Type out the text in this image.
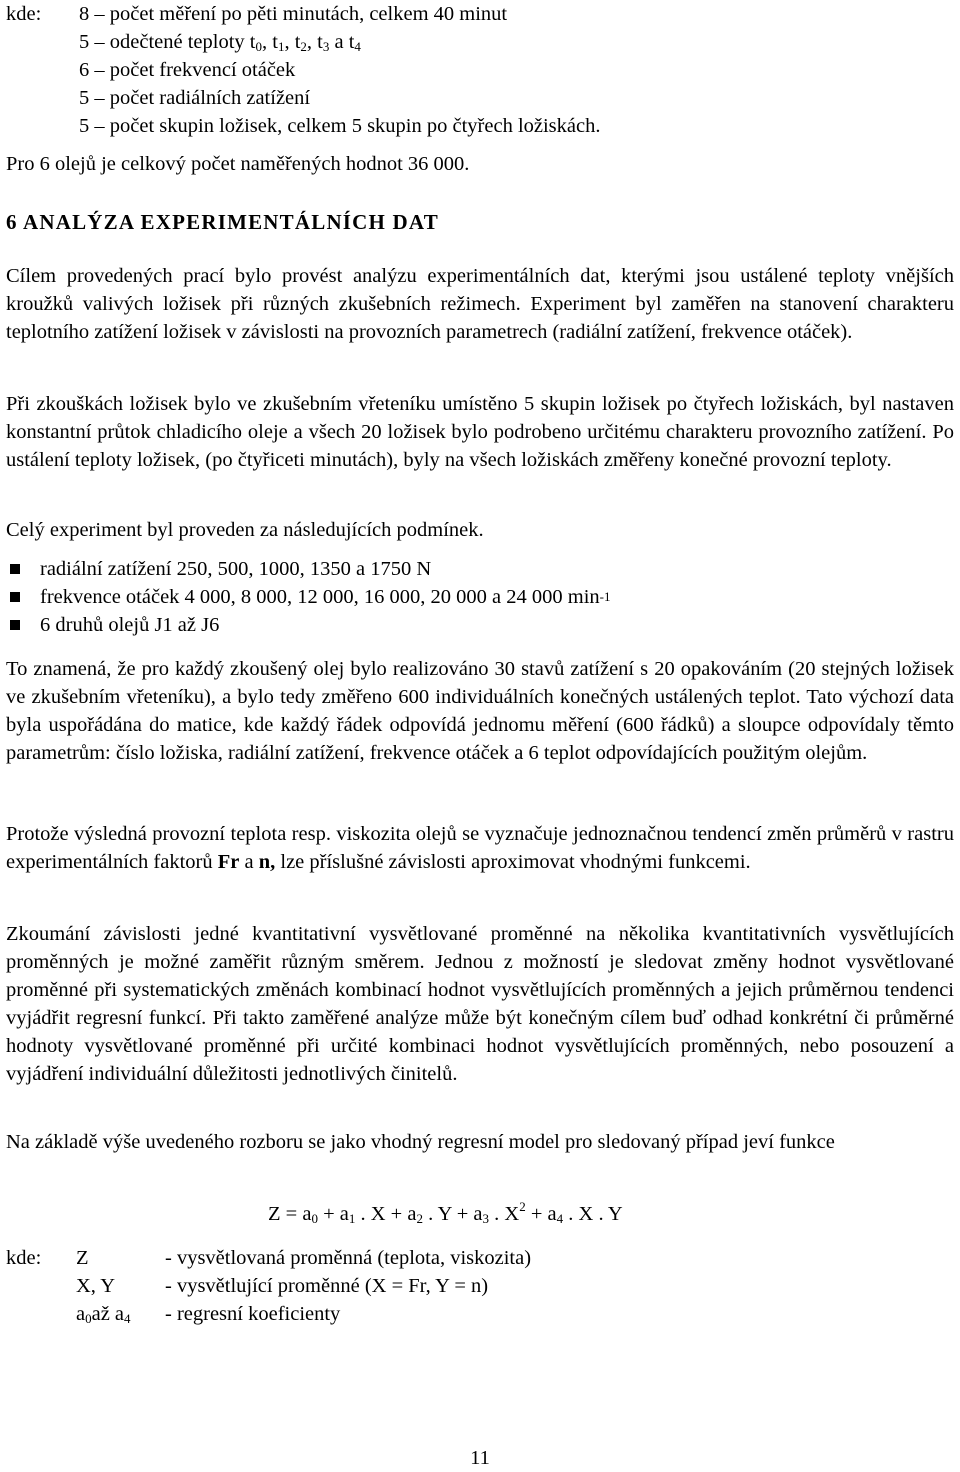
kde: 8 – počet měření po pěti minutách, celkem 40 minut
5 – odečtené teploty $t_0$, $t_1$, $t_2$, $t_3$ a $t_4$
6 – počet frekvencí otáček
5 – počet radiálních zatížení
5 – počet skupin ložisek, celkem 5 skupin po čtyřech ložiskách.
Pro 6 olejů je celkový počet naměřených hodnot 36 000.
6 ANALÝZA EXPERIMENTÁLNÍCH DAT
Cílem provedených prací bylo provést analýzu experimentálních dat, kterými jsou ustálené teploty vnějších kroužků valivých ložisek při různých zkušebních režimech. Experiment byl zaměřen na stanovení charakteru teplotního zatížení ložisek v závislosti na provozních parametrech (radiální zatížení, frekvence otáček).
Při zkouškách ložisek bylo ve zkušebním vřeteníku umístěno 5 skupin ložisek po čtyřech ložiskách, byl nastaven konstantní průtok chladicího oleje a všech 20 ložisek bylo podrobeno určitému charakteru provozního zatížení. Po ustálení teploty ložisek, (po čtyřiceti minutách), byly na všech ložiskách změřeny konečné provozní teploty.
Celý experiment byl proveden za následujících podmínek.
radiální zatížení 250, 500, 1000, 1350 a 1750 N
frekvence otáček 4 000, 8 000, 12 000, 16 000, 20 000 a 24 000 min -1
6 druhů olejů J1 až J6
To znamená, že pro každý zkoušený olej bylo realizováno 30 stavů zatížení s 20 opakováním (20 stejných ložisek ve zkušebním vřeteníku), a bylo tedy změřeno 600 individuálních konečných ustálených teplot. Tato výchozí data byla uspořádána do matice, kde každý řádek odpovídá jednomu měření (600 řádků) a sloupce odpovídaly těmto parametrům: číslo ložiska, radiální zatížení, frekvence otáček a 6 teplot odpovídajících použitým olejům.
Protože výsledná provozní teplota resp. viskozita olejů se vyznačuje jednoznačnou tendencí změn průměrů v rastru experimentálních faktorů Fr a n, lze příslušné závislosti aproximovat vhodnými funkcemi.
Zkoumání závislosti jedné kvantitativní vysvětlované proměnné na několika kvantitativních vysvětlujících proměnných je možné zaměřit různým směrem. Jednou z možností je sledovat změny hodnot vysvětlované proměnné při systematických změnách kombinací hodnot vysvětlujících proměnných a jejich průměrnou tendenci vyjádřit regresní funkcí. Při takto zaměřené analýze může být konečným cílem buď odhad konkrétní či průměrné hodnoty vysvětlované proměnné při určité kombinaci hodnot vysvětlujících proměnných, nebo posouzení a vyjádření individuální důležitosti jednotlivých činitelů.
Na základě výše uvedeného rozboru se jako vhodný regresní model pro sledovaný případ jeví funkce
$Z = a_0 + a_1$ . $X + a_2$ . $Y + a_3$ . $X^2 + a_4$ . X . Y
kde: Z	- vysvětlovaná proměnná (teplota, viskozita)
X, Y - vysvětlující proměnné (X = Fr, Y = n)
$a_0až$ $a_4$ - regresní koeficienty
11
